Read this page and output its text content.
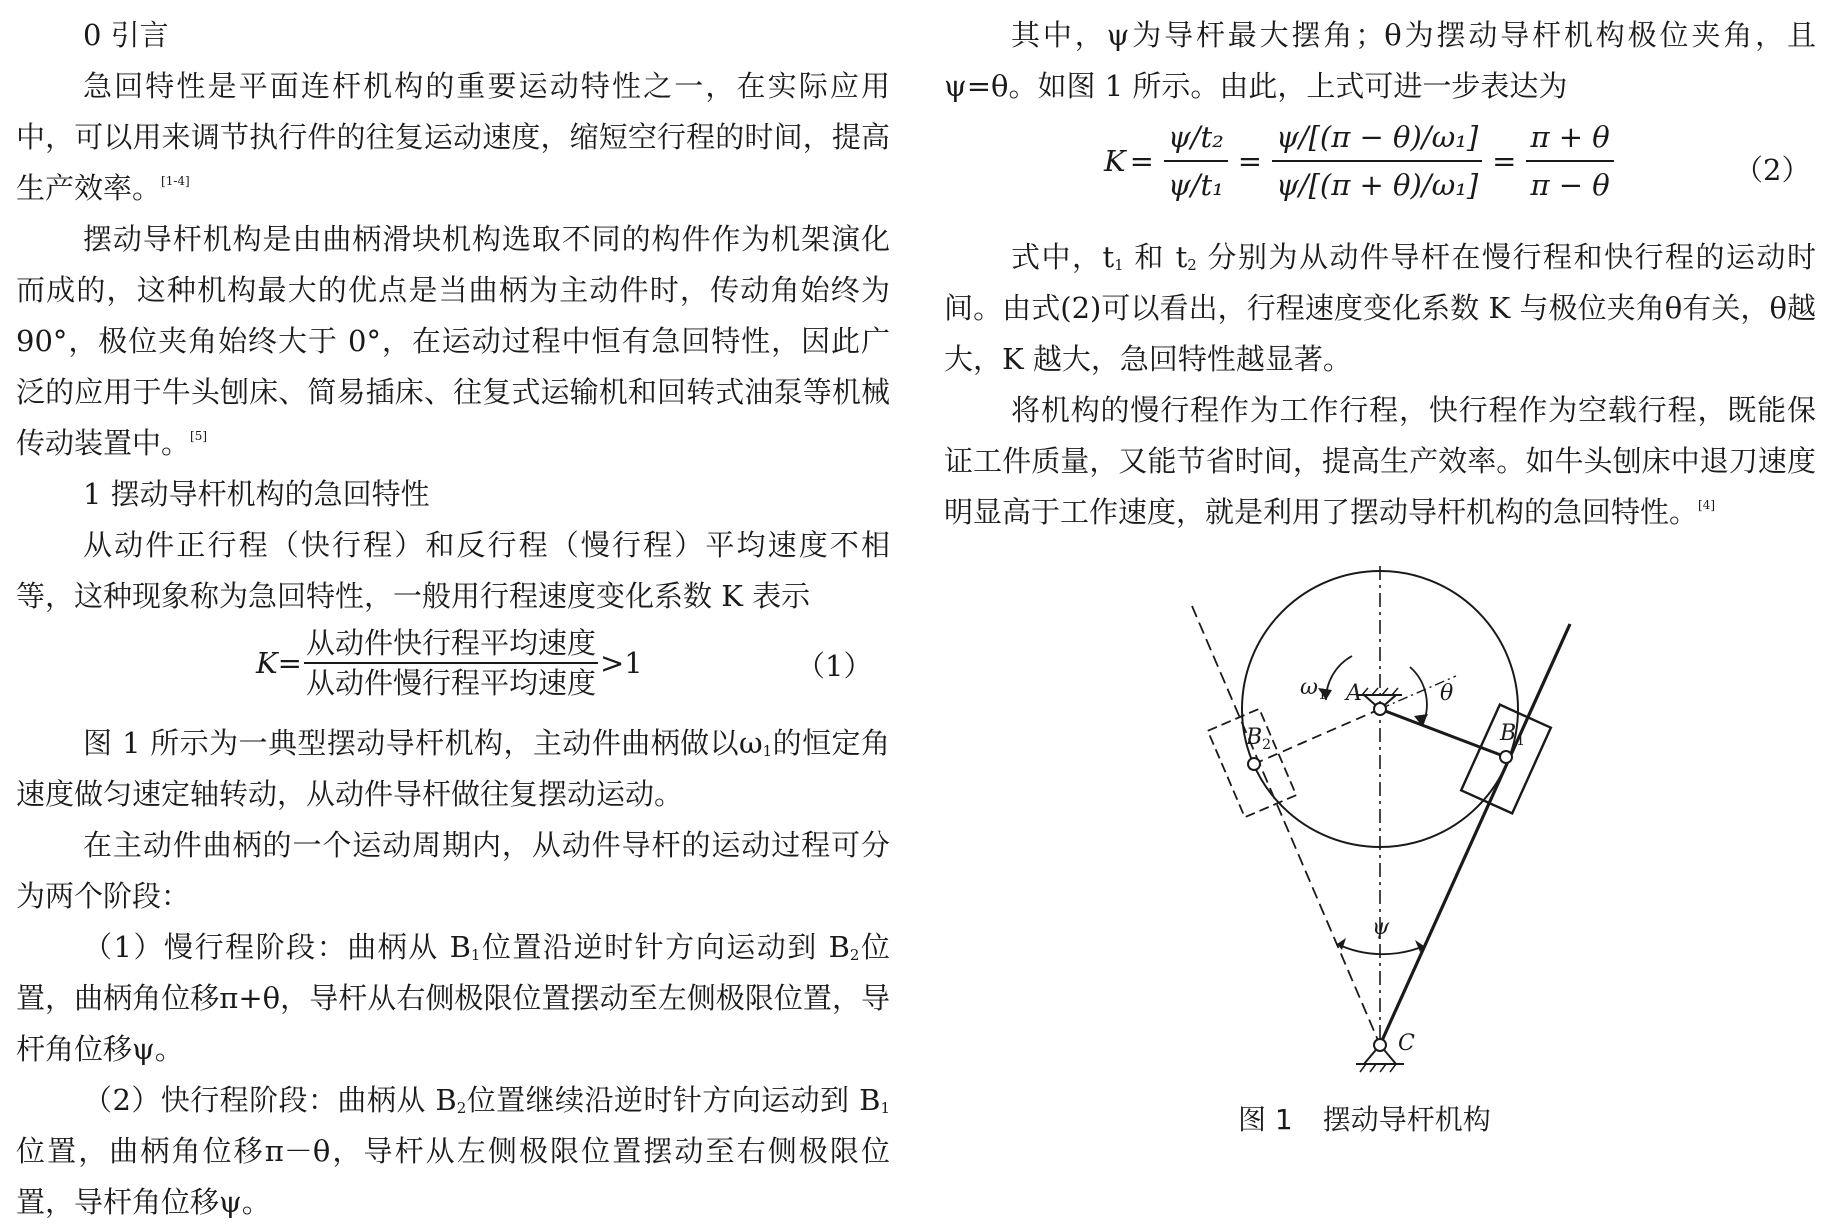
0 引言

急回特性是平面连杆机构的重要运动特性之一，在实际应用中，可以用来调节执行件的往复运动速度，缩短空行程的时间，提高生产效率。[1-4]

摆动导杆机构是由曲柄滑块机构选取不同的构件作为机架演化而成的，这种机构最大的优点是当曲柄为主动件时，传动角始终为 90°，极位夹角始终大于 0°，在运动过程中恒有急回特性，因此广泛的应用于牛头刨床、简易插床、往复式运输机和回转式油泵等机械传动装置中。[5]

1 摆动导杆机构的急回特性

从动件正行程（快行程）和反行程（慢行程）平均速度不相等，这种现象称为急回特性，一般用行程速度变化系数 K 表示

$K= \frac{\text{从动件快行程平均速度}}{\text{从动件慢行程平均速度}} >1$	（1）

图 1 所示为一典型摆动导杆机构，主动件曲柄做以$\omega_1$的恒定角速度做匀速定轴转动，从动件导杆做往复摆动运动。

在主动件曲柄的一个运动周期内，从动件导杆的运动过程可分为两个阶段：

（1）慢行程阶段：曲柄从 $B_1$位置沿逆时针方向运动到 $B_2$位置，曲柄角位移π+θ，导杆从右侧极限位置摆动至左侧极限位置，导杆角位移ψ。

（2）快行程阶段：曲柄从 $B_2$位置继续沿逆时针方向运动到 $B_1$位置，曲柄角位移π－θ，导杆从左侧极限位置摆动至右侧极限位置，导杆角位移ψ。

其中，ψ为导杆最大摆角；θ为摆动导杆机构极位夹角，且ψ=θ。如图 1 所示。由此，上式可进一步表达为

$K = \frac{\text{ψ/t₂}}{\text{ψ/t₁}} = \frac{\text{ψ/[(π − θ)/ω₁]}}{\text{ψ/[(π + θ)/ω₁]}} = \frac{\pi + \theta}{\pi - \theta}$	（2）

式中，$t_1$ 和 $t_2$ 分别为从动件导杆在慢行程和快行程的运动时间。由式(2)可以看出，行程速度变化系数 K 与极位夹角θ有关，θ越大，K 越大，急回特性越显著。

将机构的慢行程作为工作行程，快行程作为空载行程，既能保证工件质量，又能节省时间，提高生产效率。如牛头刨床中退刀速度明显高于工作速度，就是利用了摆动导杆机构的急回特性。[4]

$\omega_1$ A	θ
$B_1$
$B_2$
ψ
C
图 1 摆动导杆机构
